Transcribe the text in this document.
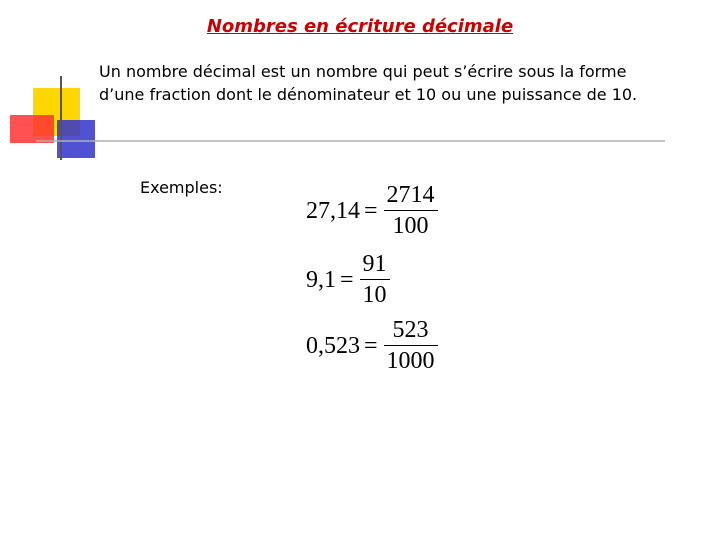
Nombres en écriture décimale
Un nombre décimal est un nombre qui peut s’écrire sous la forme
d’une fraction dont le dénominateur et 10 ou une puissance de 10.
Exemples:
$27,14 = \frac{2714}{100}$
$9,1 = \frac{91}{10}$
$0,523 = \frac{523}{1000}$
